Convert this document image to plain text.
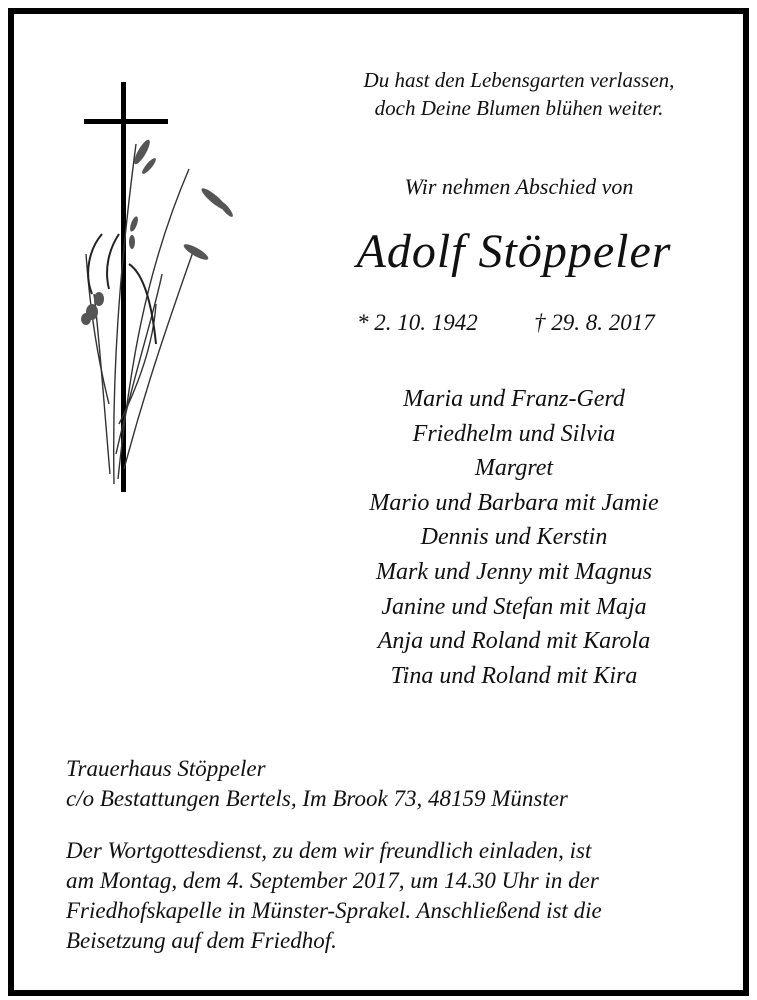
Du hast den Lebensgarten verlassen,
doch Deine Blumen blühen weiter.
Wir nehmen Abschied von
Adolf Stöppeler
* 2. 10. 1942 † 29. 8. 2017
Maria und Franz-Gerd
Friedhelm und Silvia
Margret
Mario und Barbara mit Jamie
Dennis und Kerstin
Mark und Jenny mit Magnus
Janine und Stefan mit Maja
Anja und Roland mit Karola
Tina und Roland mit Kira
Trauerhaus Stöppeler
c/o Bestattungen Bertels, Im Brook 73, 48159 Münster
Der Wortgottesdienst, zu dem wir freundlich einladen, ist
am Montag, dem 4. September 2017, um 14.30 Uhr in der
Friedhofskapelle in Münster-Sprakel. Anschließend ist die
Beisetzung auf dem Friedhof.
